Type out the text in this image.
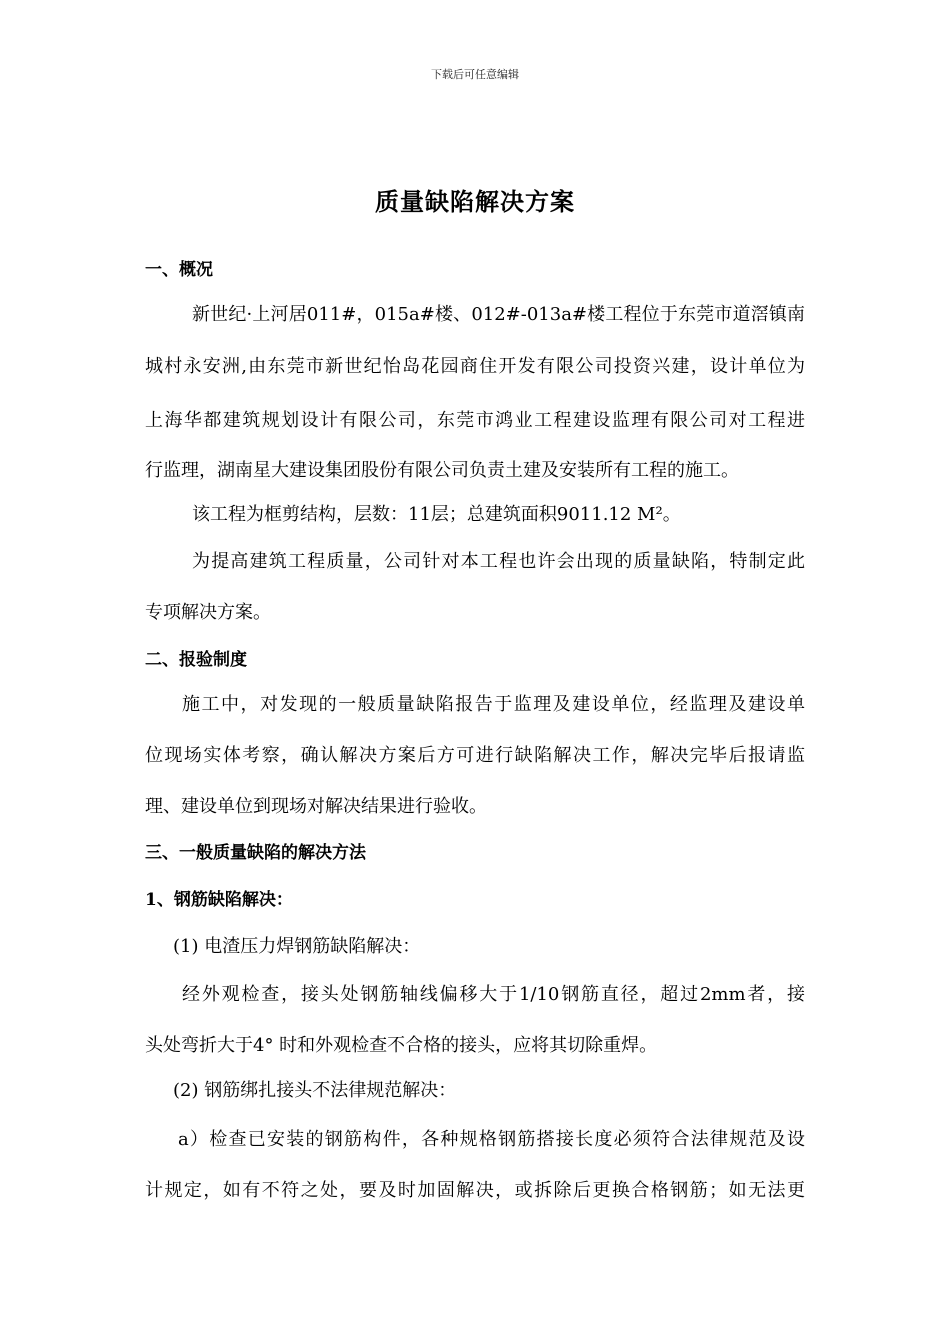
下载后可任意编辑
质量缺陷解决方案
一、概况
新世纪·上河居011#，015a#楼、012#-013a#楼工程位于东莞市道滘镇南
城村永安洲,由东莞市新世纪怡岛花园商住开发有限公司投资兴建，设计单位为
上海华都建筑规划设计有限公司，东莞市鸿业工程建设监理有限公司对工程进
行监理，湖南星大建设集团股份有限公司负责土建及安装所有工程的施工。
该工程为框剪结构，层数：11层；总建筑面积9011.12 M²。
为提高建筑工程质量，公司针对本工程也许会出现的质量缺陷，特制定此
专项解决方案。
二、报验制度
施工中，对发现的一般质量缺陷报告于监理及建设单位，经监理及建设单
位现场实体考察，确认解决方案后方可进行缺陷解决工作，解决完毕后报请监
理、建设单位到现场对解决结果进行验收。
三、一般质量缺陷的解决方法
1、钢筋缺陷解决：
(1) 电渣压力焊钢筋缺陷解决：
经外观检查，接头处钢筋轴线偏移大于1/10钢筋直径，超过2mm者，接
头处弯折大于4° 时和外观检查不合格的接头，应将其切除重焊。
(2) 钢筋绑扎接头不法律规范解决：
a）检查已安装的钢筋构件，各种规格钢筋搭接长度必须符合法律规范及设
计规定，如有不符之处，要及时加固解决，或拆除后更换合格钢筋；如无法更
